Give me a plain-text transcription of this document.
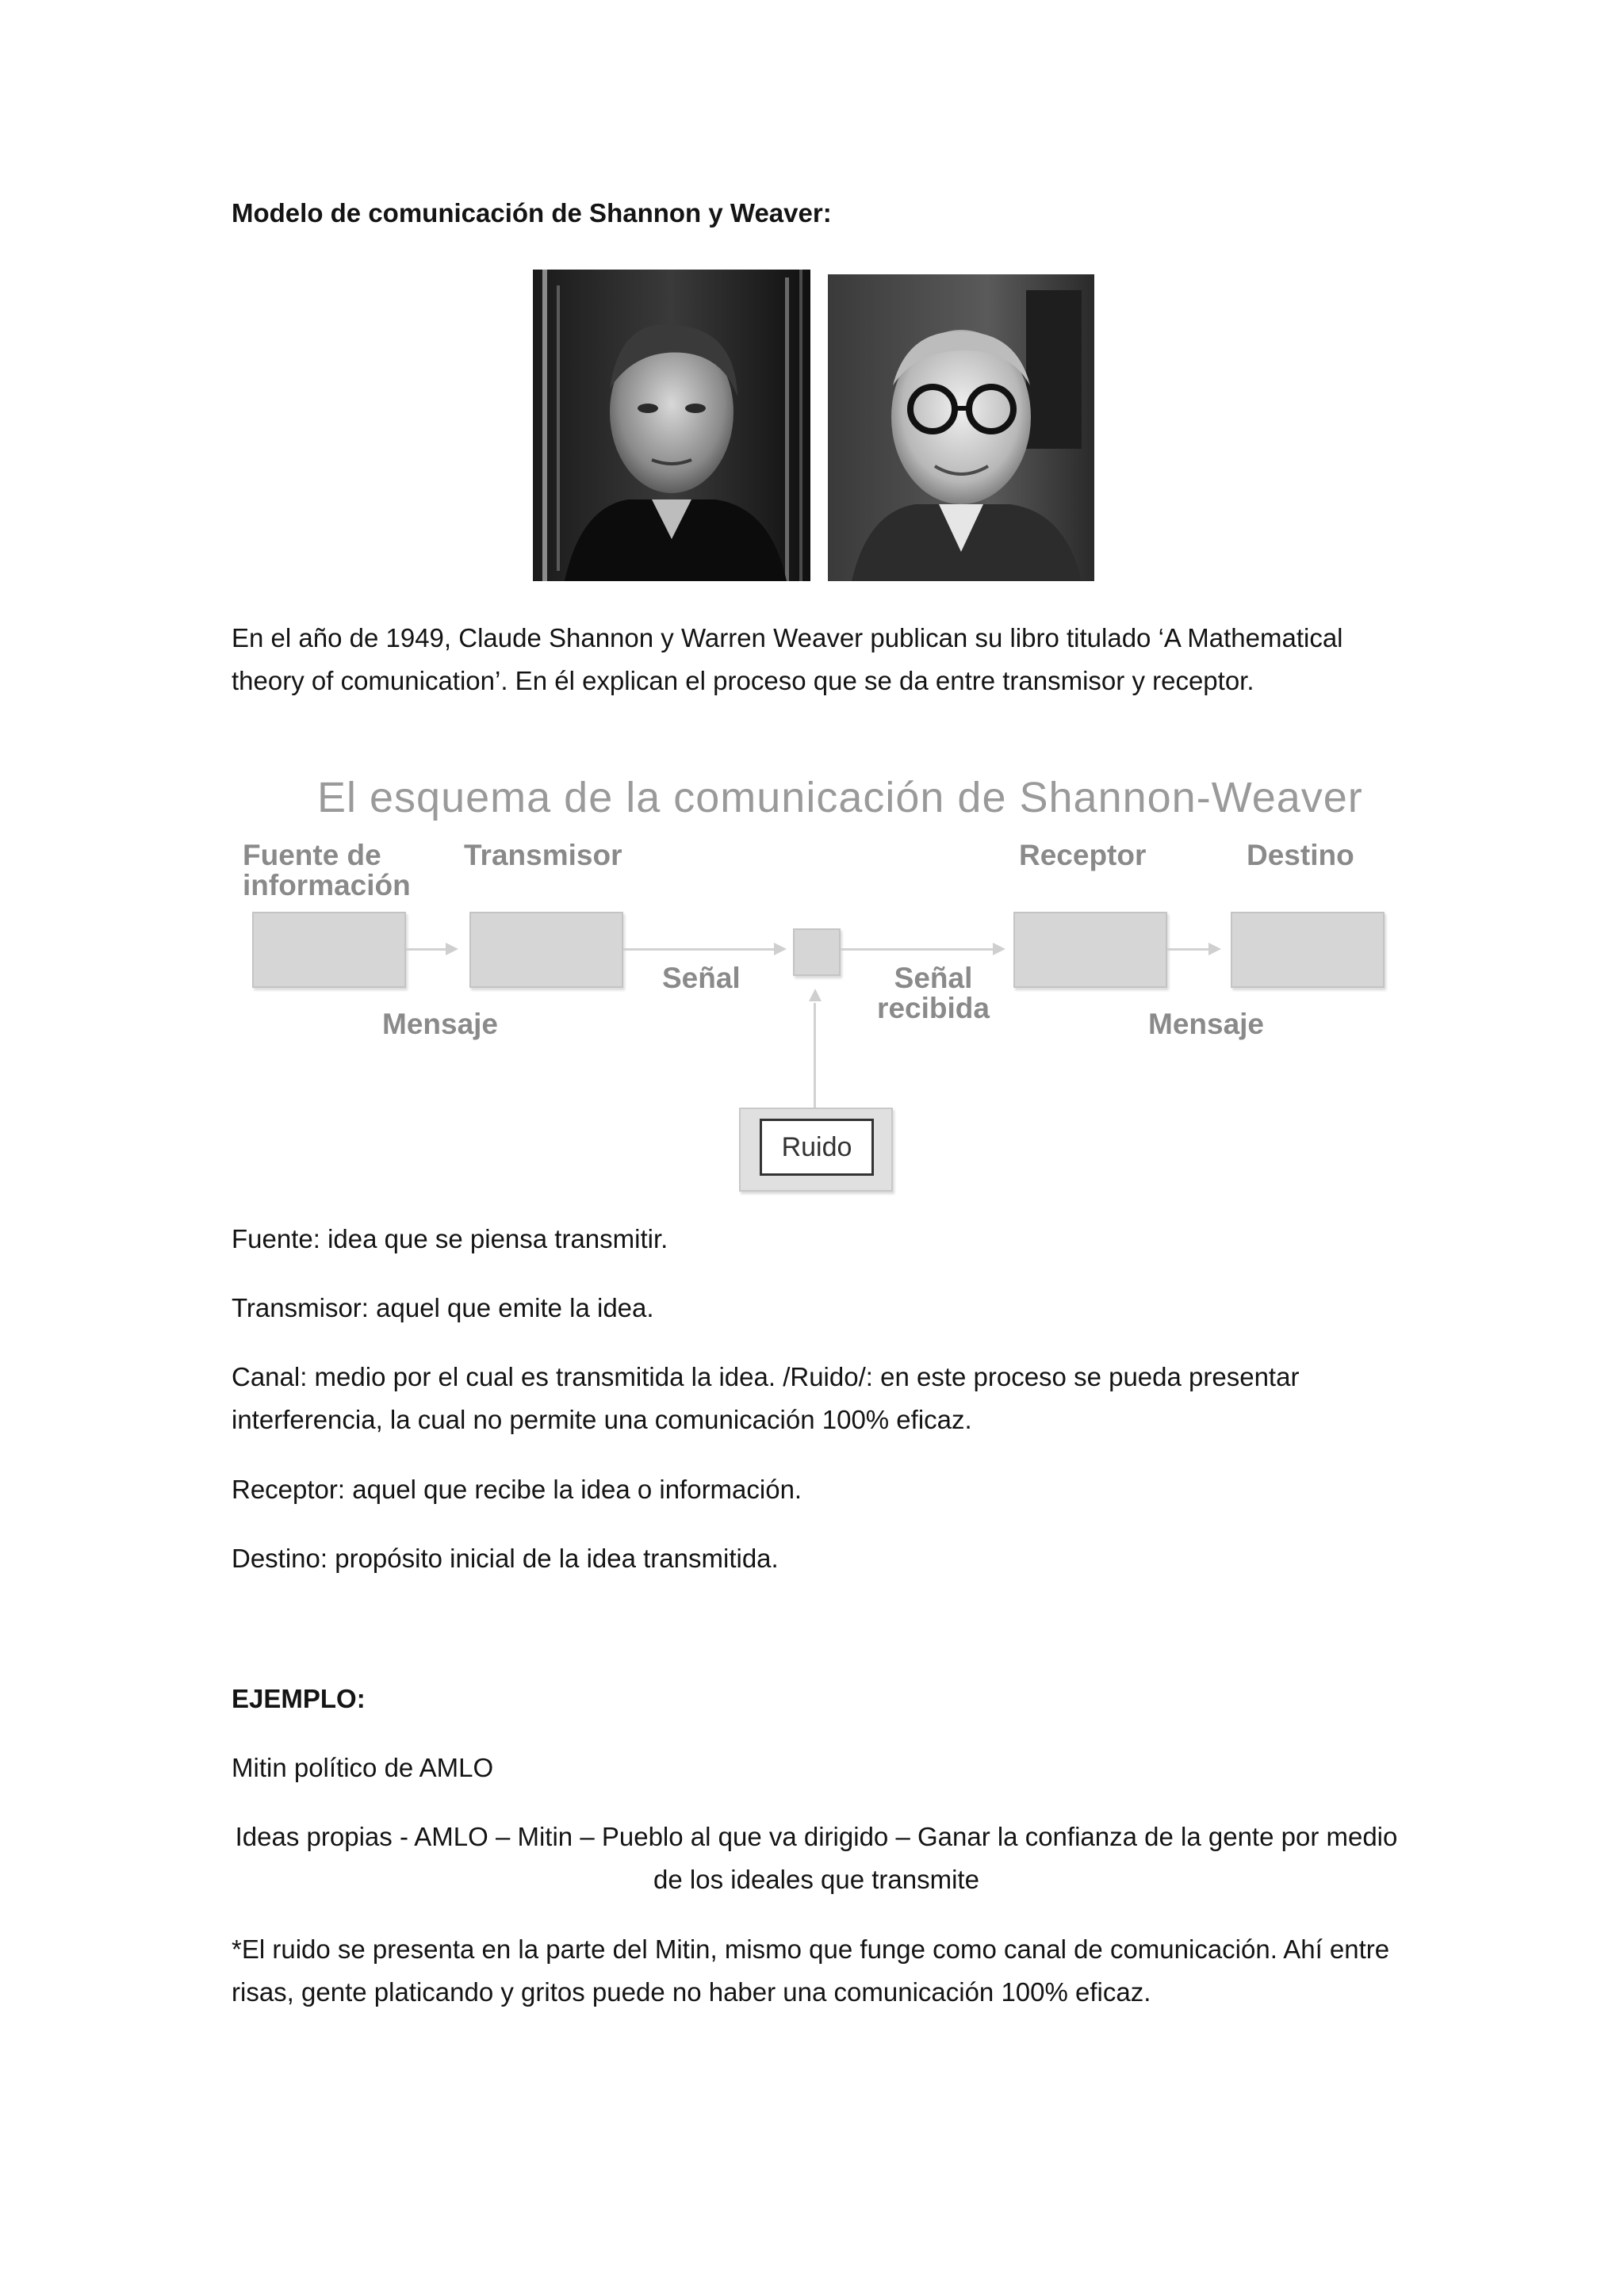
Modelo de comunicación de Shannon y Weaver:

En el año de 1949, Claude Shannon y Warren Weaver publican su libro titulado ‘A Mathematical theory of comunication’. En él explican el proceso que se da entre transmisor y receptor.

El esquema de la comunicación de Shannon-Weaver
Fuente de información
Transmisor	Receptor	Destino
Señal	Señal recibida
Mensaje	Mensaje
Ruido

Fuente: idea que se piensa transmitir.

Transmisor: aquel que emite la idea.

Canal: medio por el cual es transmitida la idea. /Ruido/: en este proceso se pueda presentar interferencia, la cual no permite una comunicación 100% eficaz.

Receptor: aquel que recibe la idea o información.

Destino: propósito inicial de la idea transmitida.

EJEMPLO:

Mitin político de AMLO

Ideas propias - AMLO – Mitin – Pueblo al que va dirigido – Ganar la confianza de la gente por medio de los ideales que transmite

*El ruido se presenta en la parte del Mitin, mismo que funge como canal de comunicación. Ahí entre risas, gente platicando y gritos puede no haber una comunicación 100% eficaz.
